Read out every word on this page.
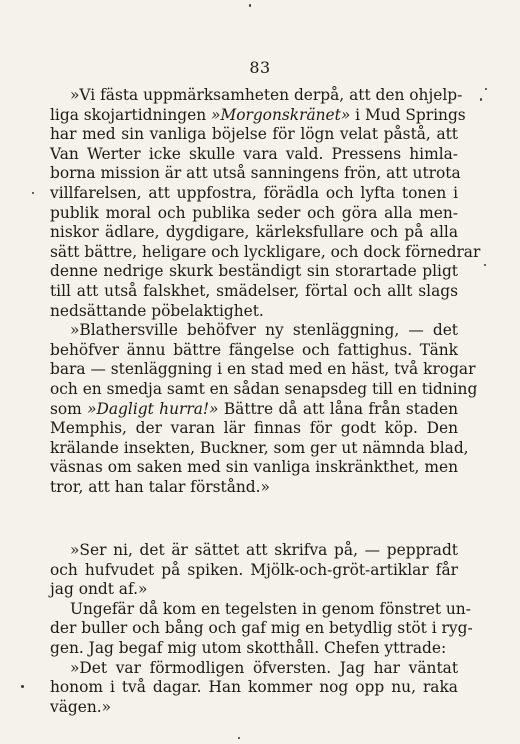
83
»Vi fästa uppmärksamheten derpå, att den ohjelp-
liga skojartidningen »Morgonskränet» i Mud Springs
har med sin vanliga böjelse för lögn velat påstå, att
Van Werter icke skulle vara vald. Pressens himla-
borna mission är att utså sanningens frön, att utrota
villfarelsen, att uppfostra, förädla och lyfta tonen i
publik moral och publika seder och göra alla men-
niskor ädlare, dygdigare, kärleksfullare och på alla
sätt bättre, heligare och lyckligare, och dock förnedrar
denne nedrige skurk beständigt sin storartade pligt
till att utså falskhet, smädelser, förtal och allt slags
nedsättande pöbelaktighet.
»Blathersville behöfver ny stenläggning, — det
behöfver ännu bättre fängelse och fattighus. Tänk
bara — stenläggning i en stad med en häst, två krogar
och en smedja samt en sådan senapsdeg till en tidning
som »Dagligt hurra!» Bättre då att låna från staden
Memphis, der varan lär finnas för godt köp. Den
krälande insekten, Buckner, som ger ut nämnda blad,
väsnas om saken med sin vanliga inskränkthet, men
tror, att han talar förstånd.»
»Ser ni, det är sättet att skrifva på, — peppradt
och hufvudet på spiken. Mjölk-och-gröt-artiklar får
jag ondt af.»
Ungefär då kom en tegelsten in genom fönstret un-
der buller och bång och gaf mig en betydlig stöt i ryg-
gen. Jag begaf mig utom skotthåll. Chefen yttrade:
»Det var förmodligen öfversten. Jag har väntat
honom i två dagar. Han kommer nog opp nu, raka
vägen.»
